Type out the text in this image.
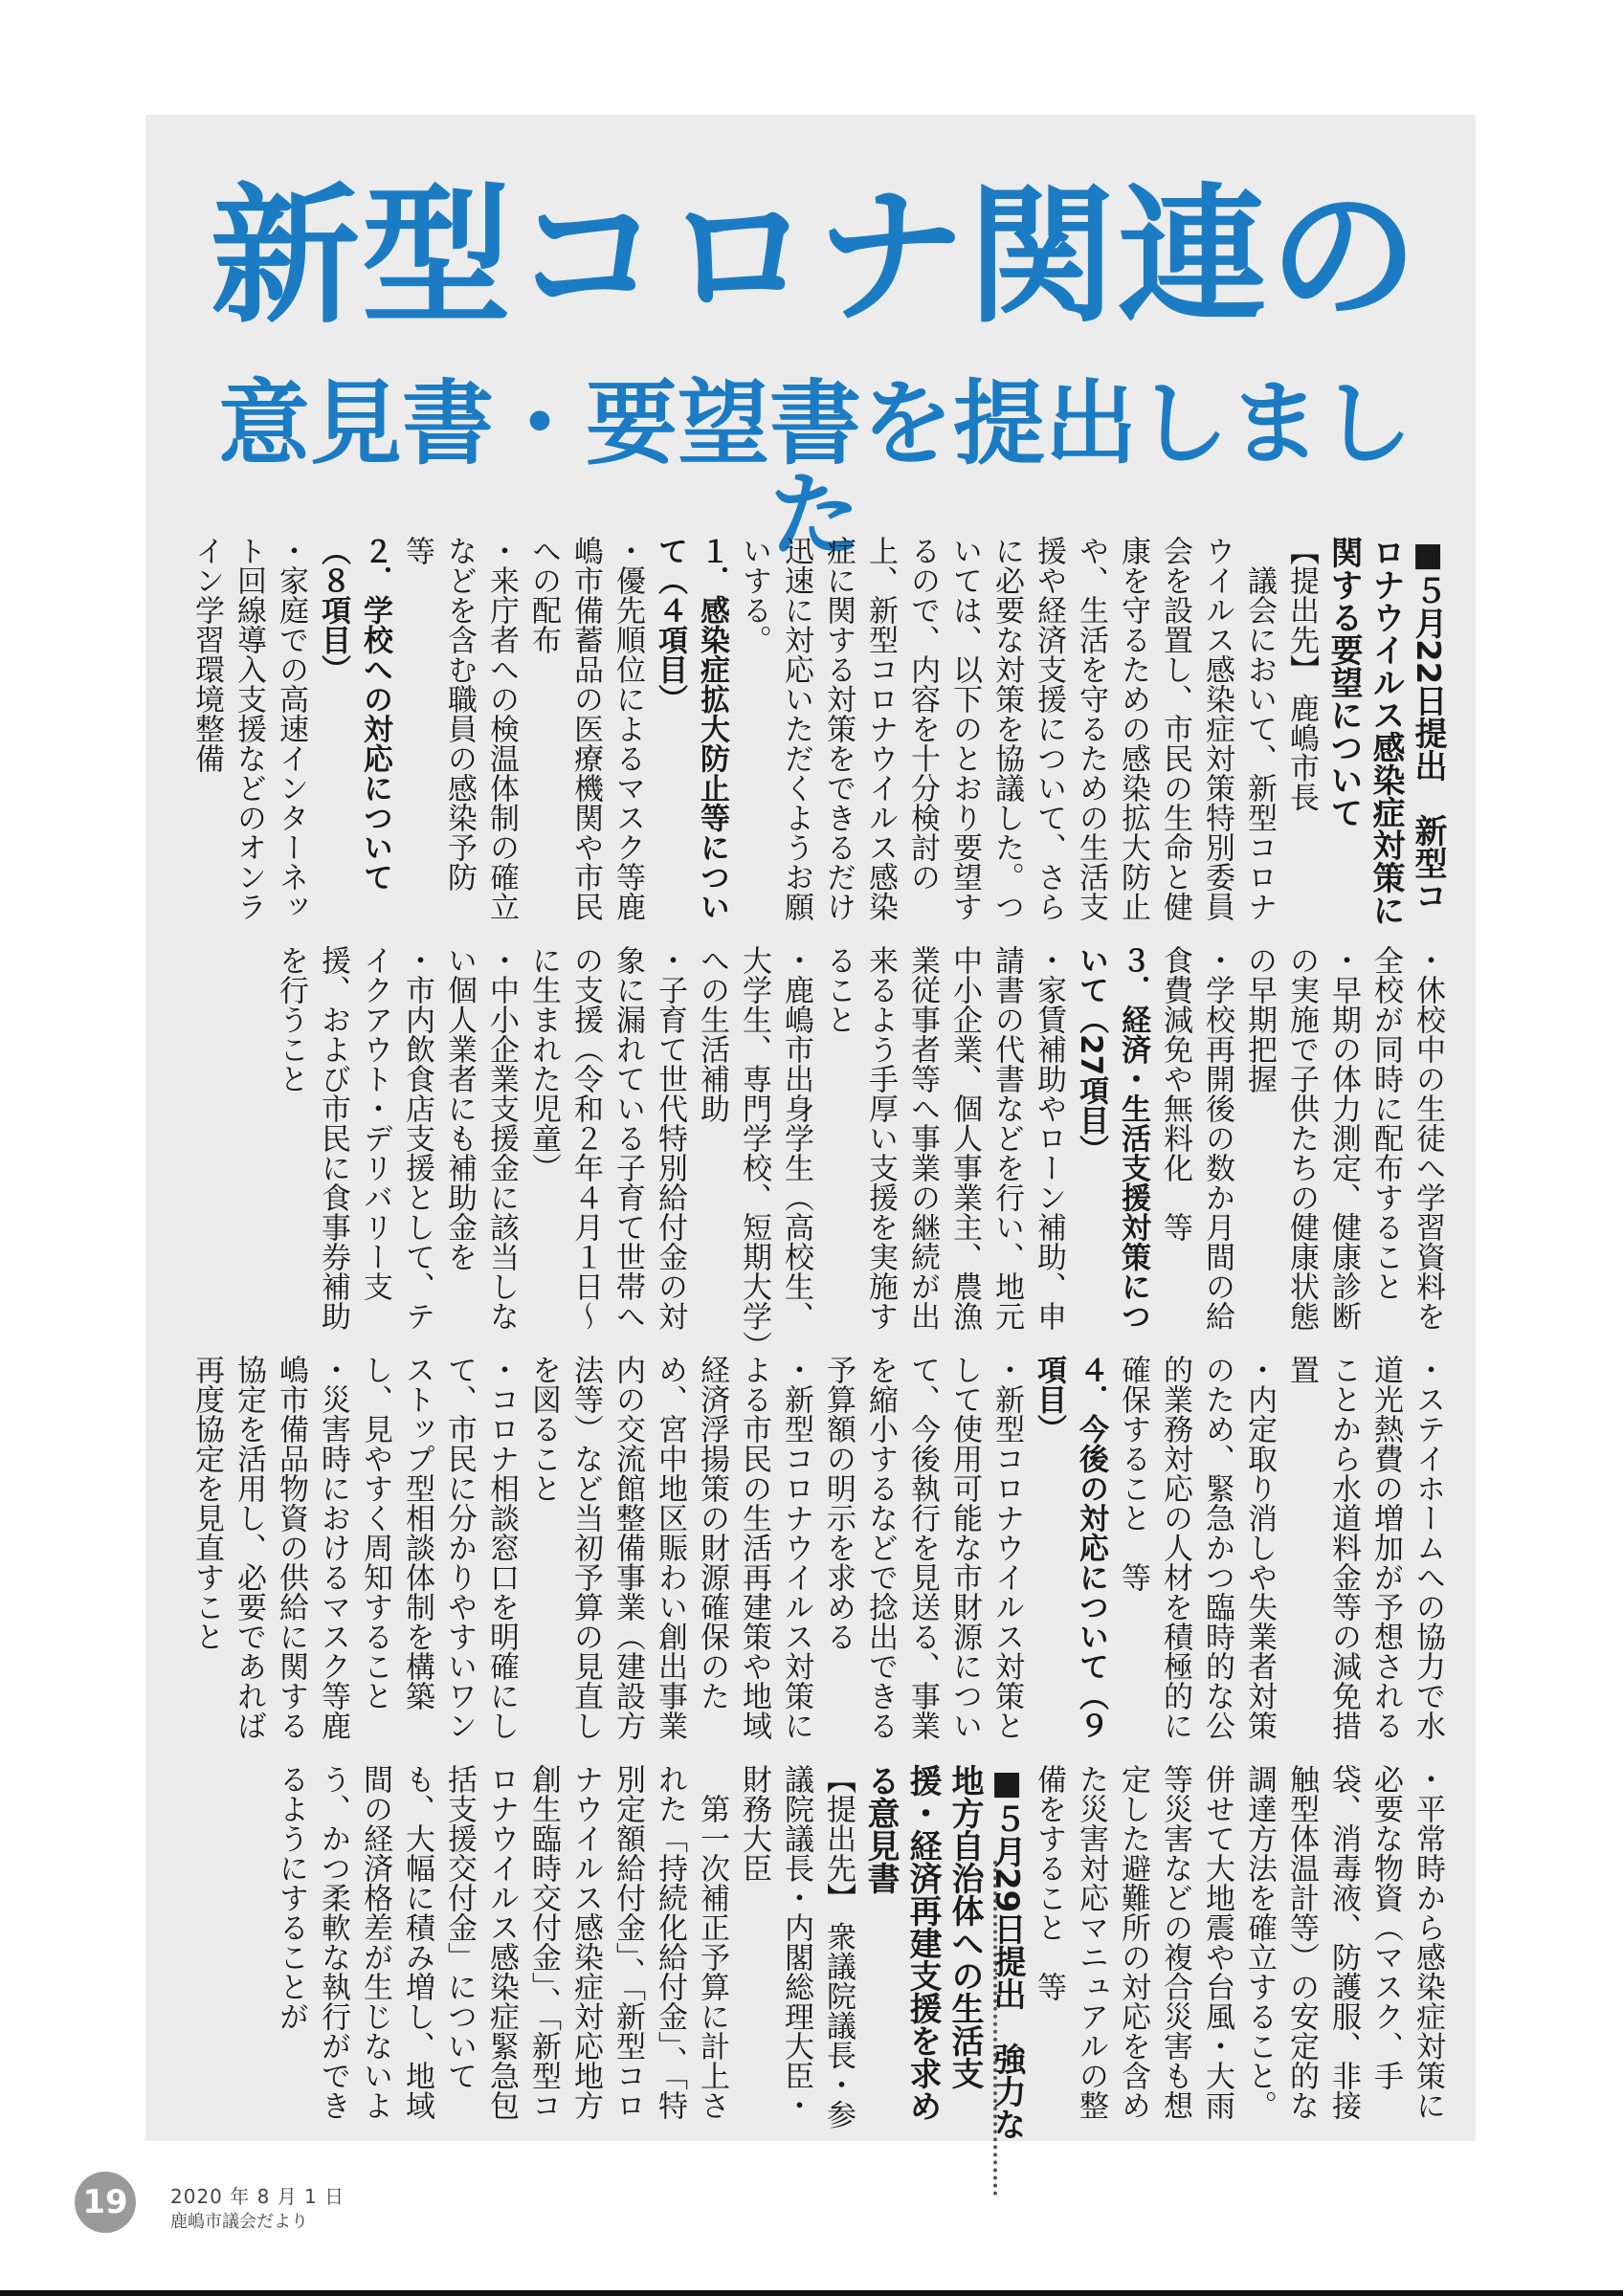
新型コロナ関連の
意見書・要望書を提出しました

■５月22日提出　新型コロナウイルス感染症対策に関する要望について

【提出先】 鹿嶋市長

議会において、新型コロナウイルス感染症対策特別委員会を設置し、市民の生命と健康を守るための感染拡大防止や、生活を守るための生活支援や経済支援について、さらに必要な対策を協議した。ついては、以下のとおり要望するので、内容を十分検討の上、新型コロナウイルス感染症に関する対策をできるだけ迅速に対応いただくようお願いする。

１．感染症拡大防止等について（４項目）

・優先順位によるマスク等鹿嶋市備蓄品の医療機関や市民への配布

・来庁者への検温体制の確立などを含む職員の感染予防　等

２．学校への対応について（８項目）

・家庭での高速インターネット回線導入支援などのオンライン学習環境整備

・休校中の生徒へ学習資料を全校が同時に配布すること

・早期の体力測定、健康診断の実施で子供たちの健康状態の早期把握

・学校再開後の数か月間の給食費減免や無料化　等

３．経済・生活支援対策について（27項目）

・家賃補助やローン補助、申請書の代書などを行い、地元中小企業、個人事業主、農漁業従事者等へ事業の継続が出来るよう手厚い支援を実施すること

・鹿嶋市出身学生（高校生、大学生、専門学校、短期大学）への生活補助

・子育て世代特別給付金の対象に漏れている子育て世帯への支援（令和２年４月１日～に生まれた児童）

・中小企業支援金に該当しない個人業者にも補助金を

・市内飲食店支援として、テイクアウト・デリバリー支援、および市民に食事券補助を行うこと

・ステイホームへの協力で水道光熱費の増加が予想されることから水道料金等の減免措置

・内定取り消しや失業者対策のため、緊急かつ臨時的な公的業務対応の人材を積極的に確保すること　等

４．今後の対応について（９項目）

・新型コロナウイルス対策として使用可能な市財源について、今後執行を見送る、事業を縮小するなどで捻出できる予算額の明示を求める

・新型コロナウイルス対策による市民の生活再建策や地域経済浮揚策の財源確保のため、宮中地区賑わい創出事業内の交流館整備事業（建設方法等）など当初予算の見直しを図ること

・コロナ相談窓口を明確にして、市民に分かりやすいワンストップ型相談体制を構築し、見やすく周知すること

・災害時におけるマスク等鹿嶋市備品物資の供給に関する協定を活用し、必要であれば再度協定を見直すこと

・平常時から感染症対策に必要な物資（マスク、手袋、消毒液、防護服、非接触型体温計等）の安定的な調達方法を確立すること。併せて大地震や台風・大雨等災害などの複合災害も想定した避難所の対応を含めた災害対応マニュアルの整備をすること　等

■５月29日提出　強力な地方自治体への生活支援・経済再建支援を求める意見書

【提出先】 衆議院議長・参議院議長・内閣総理大臣・財務大臣

第一次補正予算に計上された「持続化給付金」、「特別定額給付金」、「新型コロナウイルス感染症対応地方創生臨時交付金」、「新型コロナウイルス感染症緊急包括支援交付金」についても、大幅に積み増し、地域間の経済格差が生じないよう、かつ柔軟な執行ができるようにすることが

19	2020 年 8 月 1 日
鹿嶋市議会だより
